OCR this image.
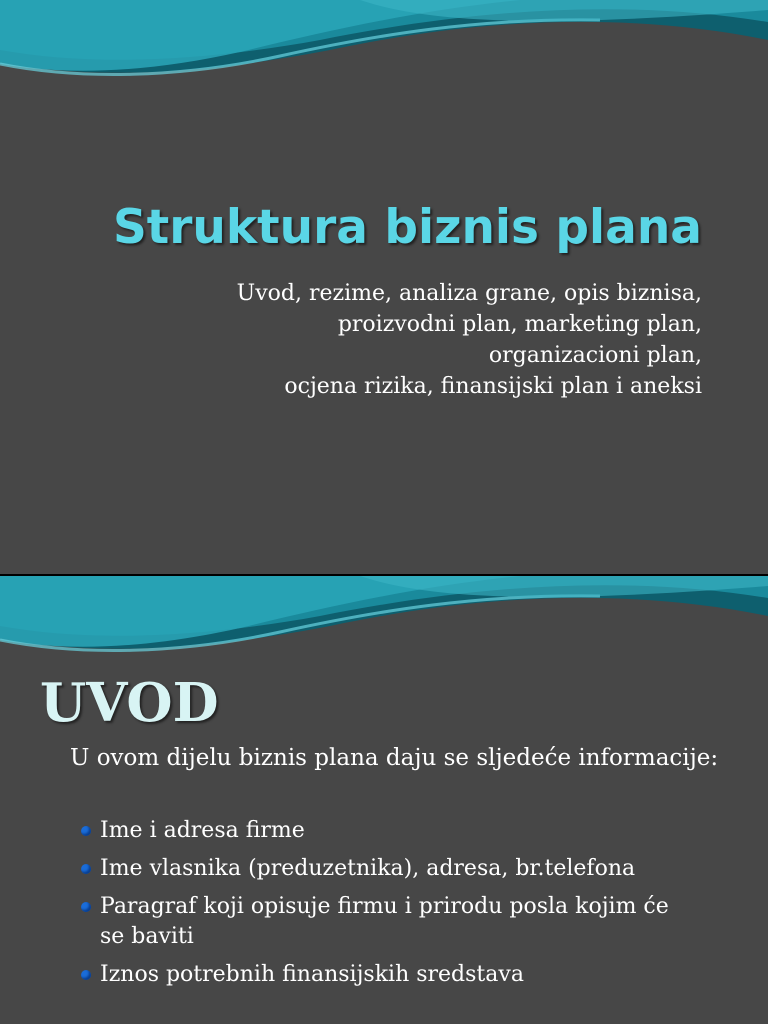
Struktura biznis plana
Uvod, rezime, analiza grane, opis biznisa,
proizvodni plan, marketing plan,
organizacioni plan,
ocjena rizika, finansijski plan i aneksi
UVOD

U ovom dijelu biznis plana daju se sljedeće informacije:

Ime i adresa firme
Ime vlasnika (preduzetnika), adresa, br.telefona
Paragraf koji opisuje firmu i prirodu posla kojim će se baviti
Iznos potrebnih finansijskih sredstava
